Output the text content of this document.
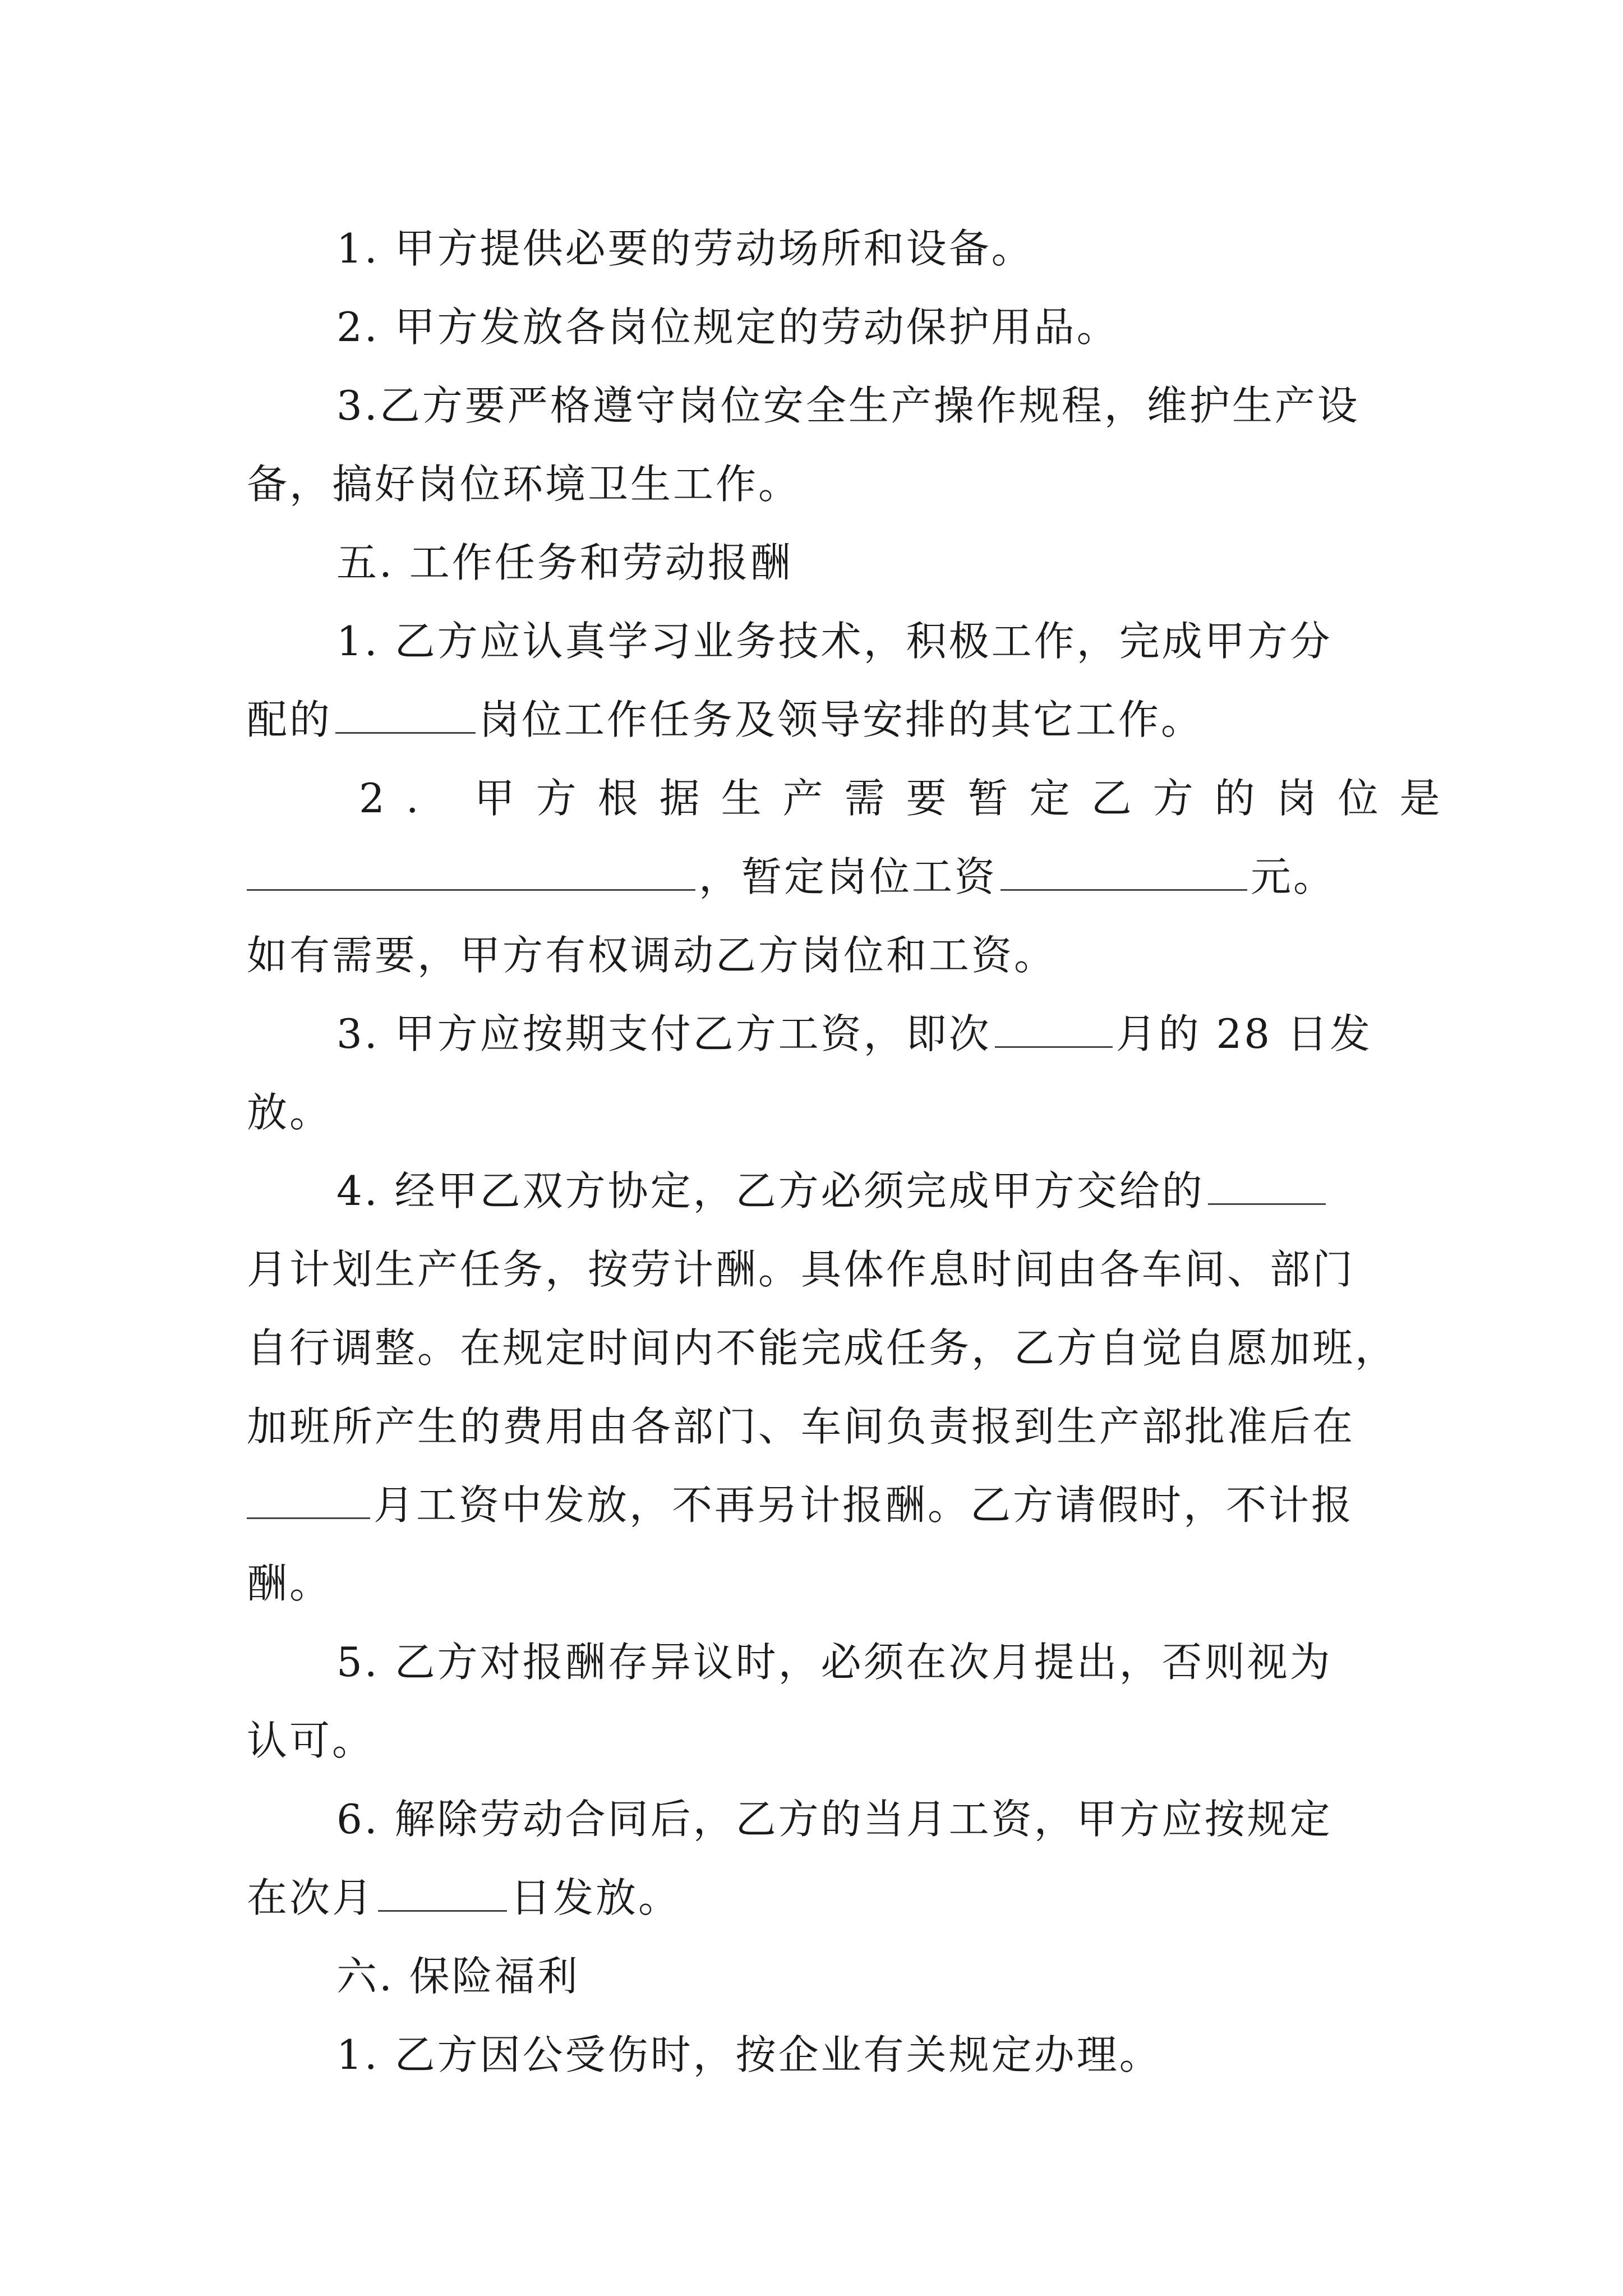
1. 甲方提供必要的劳动场所和设备。
2. 甲方发放各岗位规定的劳动保护用品。
3.乙方要严格遵守岗位安全生产操作规程，维护生产设
备，搞好岗位环境卫生工作。
五. 工作任务和劳动报酬
1. 乙方应认真学习业务技术，积极工作，完成甲方分
配的	岗位工作任务及领导安排的其它工作。
2. 甲方根据生产需要暂定乙方的岗位是
，暂定岗位工资	元。
如有需要，甲方有权调动乙方岗位和工资。
3. 甲方应按期支付乙方工资，即次	月的 28 日发
放。
4. 经甲乙双方协定，乙方必须完成甲方交给的
月计划生产任务，按劳计酬。具体作息时间由各车间、部门
自行调整。在规定时间内不能完成任务，乙方自觉自愿加班，
加班所产生的费用由各部门、车间负责报到生产部批准后在
月工资中发放，不再另计报酬。乙方请假时，不计报
酬。
5. 乙方对报酬存异议时，必须在次月提出，否则视为
认可。
6. 解除劳动合同后，乙方的当月工资，甲方应按规定
在次月	日发放。
六. 保险福利
1. 乙方因公受伤时，按企业有关规定办理。
